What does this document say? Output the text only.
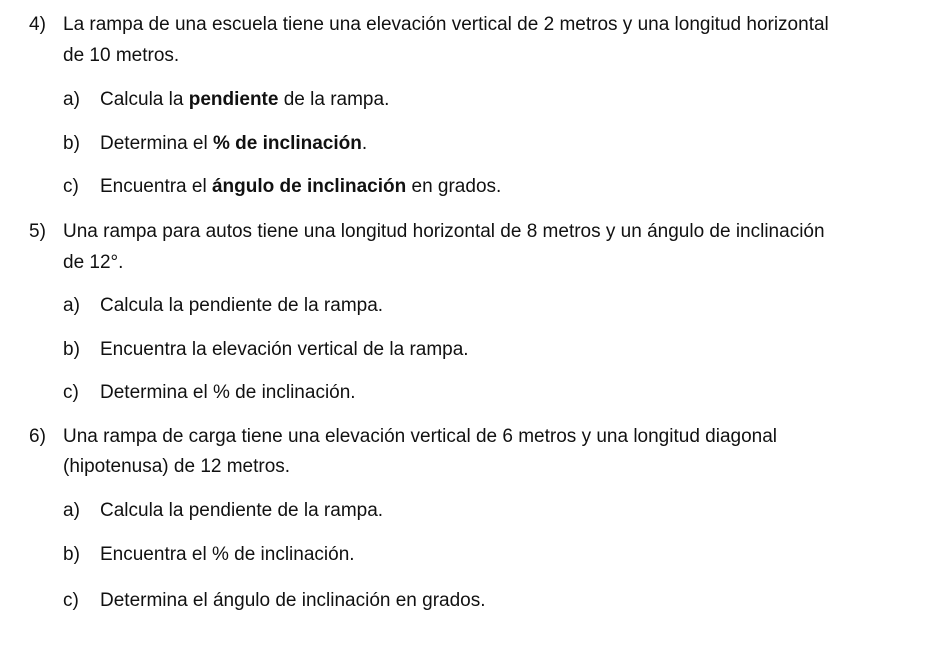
4) La rampa de una escuela tiene una elevación vertical de 2 metros y una longitud horizontal
de 10 metros.
a) Calcula la pendiente de la rampa.
b) Determina el % de inclinación.
c) Encuentra el ángulo de inclinación en grados.
5) Una rampa para autos tiene una longitud horizontal de 8 metros y un ángulo de inclinación
de 12°.
a) Calcula la pendiente de la rampa.
b) Encuentra la elevación vertical de la rampa.
c) Determina el % de inclinación.
6) Una rampa de carga tiene una elevación vertical de 6 metros y una longitud diagonal
(hipotenusa) de 12 metros.
a) Calcula la pendiente de la rampa.
b) Encuentra el % de inclinación.
c) Determina el ángulo de inclinación en grados.
